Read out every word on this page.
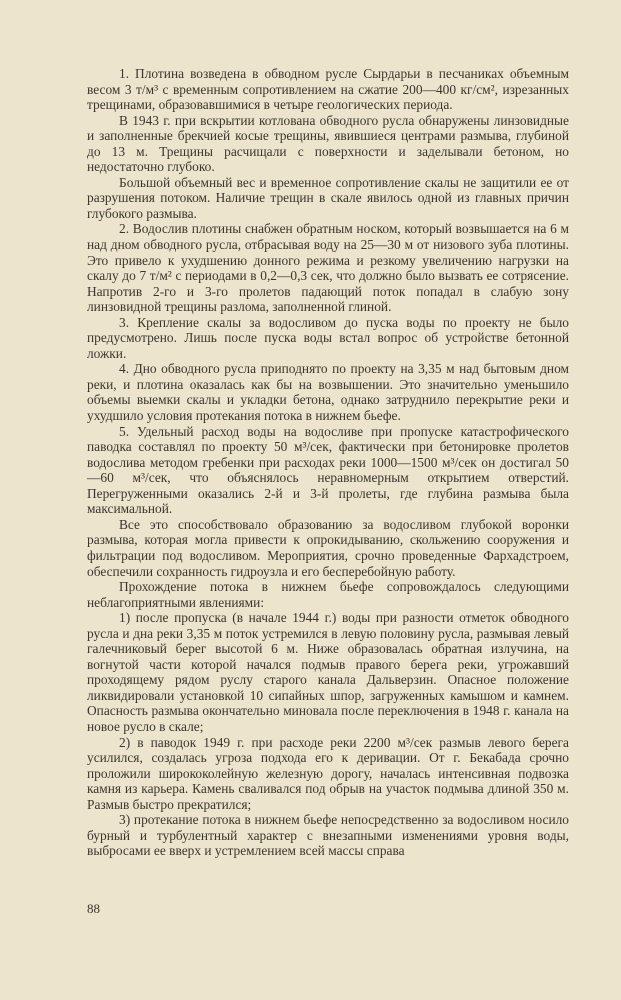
1. Плотина возведена в обводном русле Сырдарьи в песчаниках объемным весом 3 т/м³ с временным сопротивлением на сжатие 200—400 кг/см², изрезанных трещинами, образовавшимися в четыре геологических периода.

В 1943 г. при вскрытии котлована обводного русла обнаружены линзовидные и заполненные брекчией косые трещины, явившиеся центрами размыва, глубиной до 13 м. Трещины расчищали с поверхности и заделывали бетоном, но недостаточно глубоко.

Большой объемный вес и временное сопротивление скалы не защитили ее от разрушения потоком. Наличие трещин в скале явилось одной из главных причин глубокого размыва.

2. Водослив плотины снабжен обратным носком, который возвышается на 6 м над дном обводного русла, отбрасывая воду на 25—30 м от низового зуба плотины. Это привело к ухудшению донного режима и резкому увеличению нагрузки на скалу до 7 т/м² с периодами в 0,2—0,3 сек, что должно было вызвать ее сотрясение. Напротив 2-го и 3-го пролетов падающий поток попадал в слабую зону линзовидной трещины разлома, заполненной глиной.

3. Крепление скалы за водосливом до пуска воды по проекту не было предусмотрено. Лишь после пуска воды встал вопрос об устройстве бетонной ложки.

4. Дно обводного русла приподнято по проекту на 3,35 м над бытовым дном реки, и плотина оказалась как бы на возвышении. Это значительно уменьшило объемы выемки скалы и укладки бетона, однако затруднило перекрытие реки и ухудшило условия протекания потока в нижнем бьефе.

5. Удельный расход воды на водосливе при пропуске катастрофического паводка составлял по проекту 50 м³/сек, фактически при бетонировке пролетов водослива методом гребенки при расходах реки 1000—1500 м³/сек он достигал 50—60 м³/сек, что объяснялось неравномерным открытием отверстий. Перегруженными оказались 2-й и 3-й пролеты, где глубина размыва была максимальной.

Все это способствовало образованию за водосливом глубокой воронки размыва, которая могла привести к опрокидыванию, скольжению сооружения и фильтрации под водосливом. Мероприятия, срочно проведенные Фархадстроем, обеспечили сохранность гидроузла и его бесперебойную работу.

Прохождение потока в нижнем бьефе сопровождалось следующими неблагоприятными явлениями:

1) после пропуска (в начале 1944 г.) воды при разности отметок обводного русла и дна реки 3,35 м поток устремился в левую половину русла, размывая левый галечниковый берег высотой 6 м. Ниже образовалась обратная излучина, на вогнутой части которой начался подмыв правого берега реки, угрожавший проходящему рядом руслу старого канала Дальверзин. Опасное положение ликвидировали установкой 10 сипайных шпор, загруженных камышом и камнем. Опасность размыва окончательно миновала после переключения в 1948 г. канала на новое русло в скале;

2) в паводок 1949 г. при расходе реки 2200 м³/сек размыв левого берега усилился, создалась угроза подхода его к деривации. От г. Бекабада срочно проложили ширококолейную железную дорогу, началась интенсивная подвозка камня из карьера. Камень сваливался под обрыв на участок подмыва длиной 350 м. Размыв быстро прекратился;

3) протекание потока в нижнем бьефе непосредственно за водосливом носило бурный и турбулентный характер с внезапными изменениями уровня воды, выбросами ее вверх и устремлением всей массы справа

88
